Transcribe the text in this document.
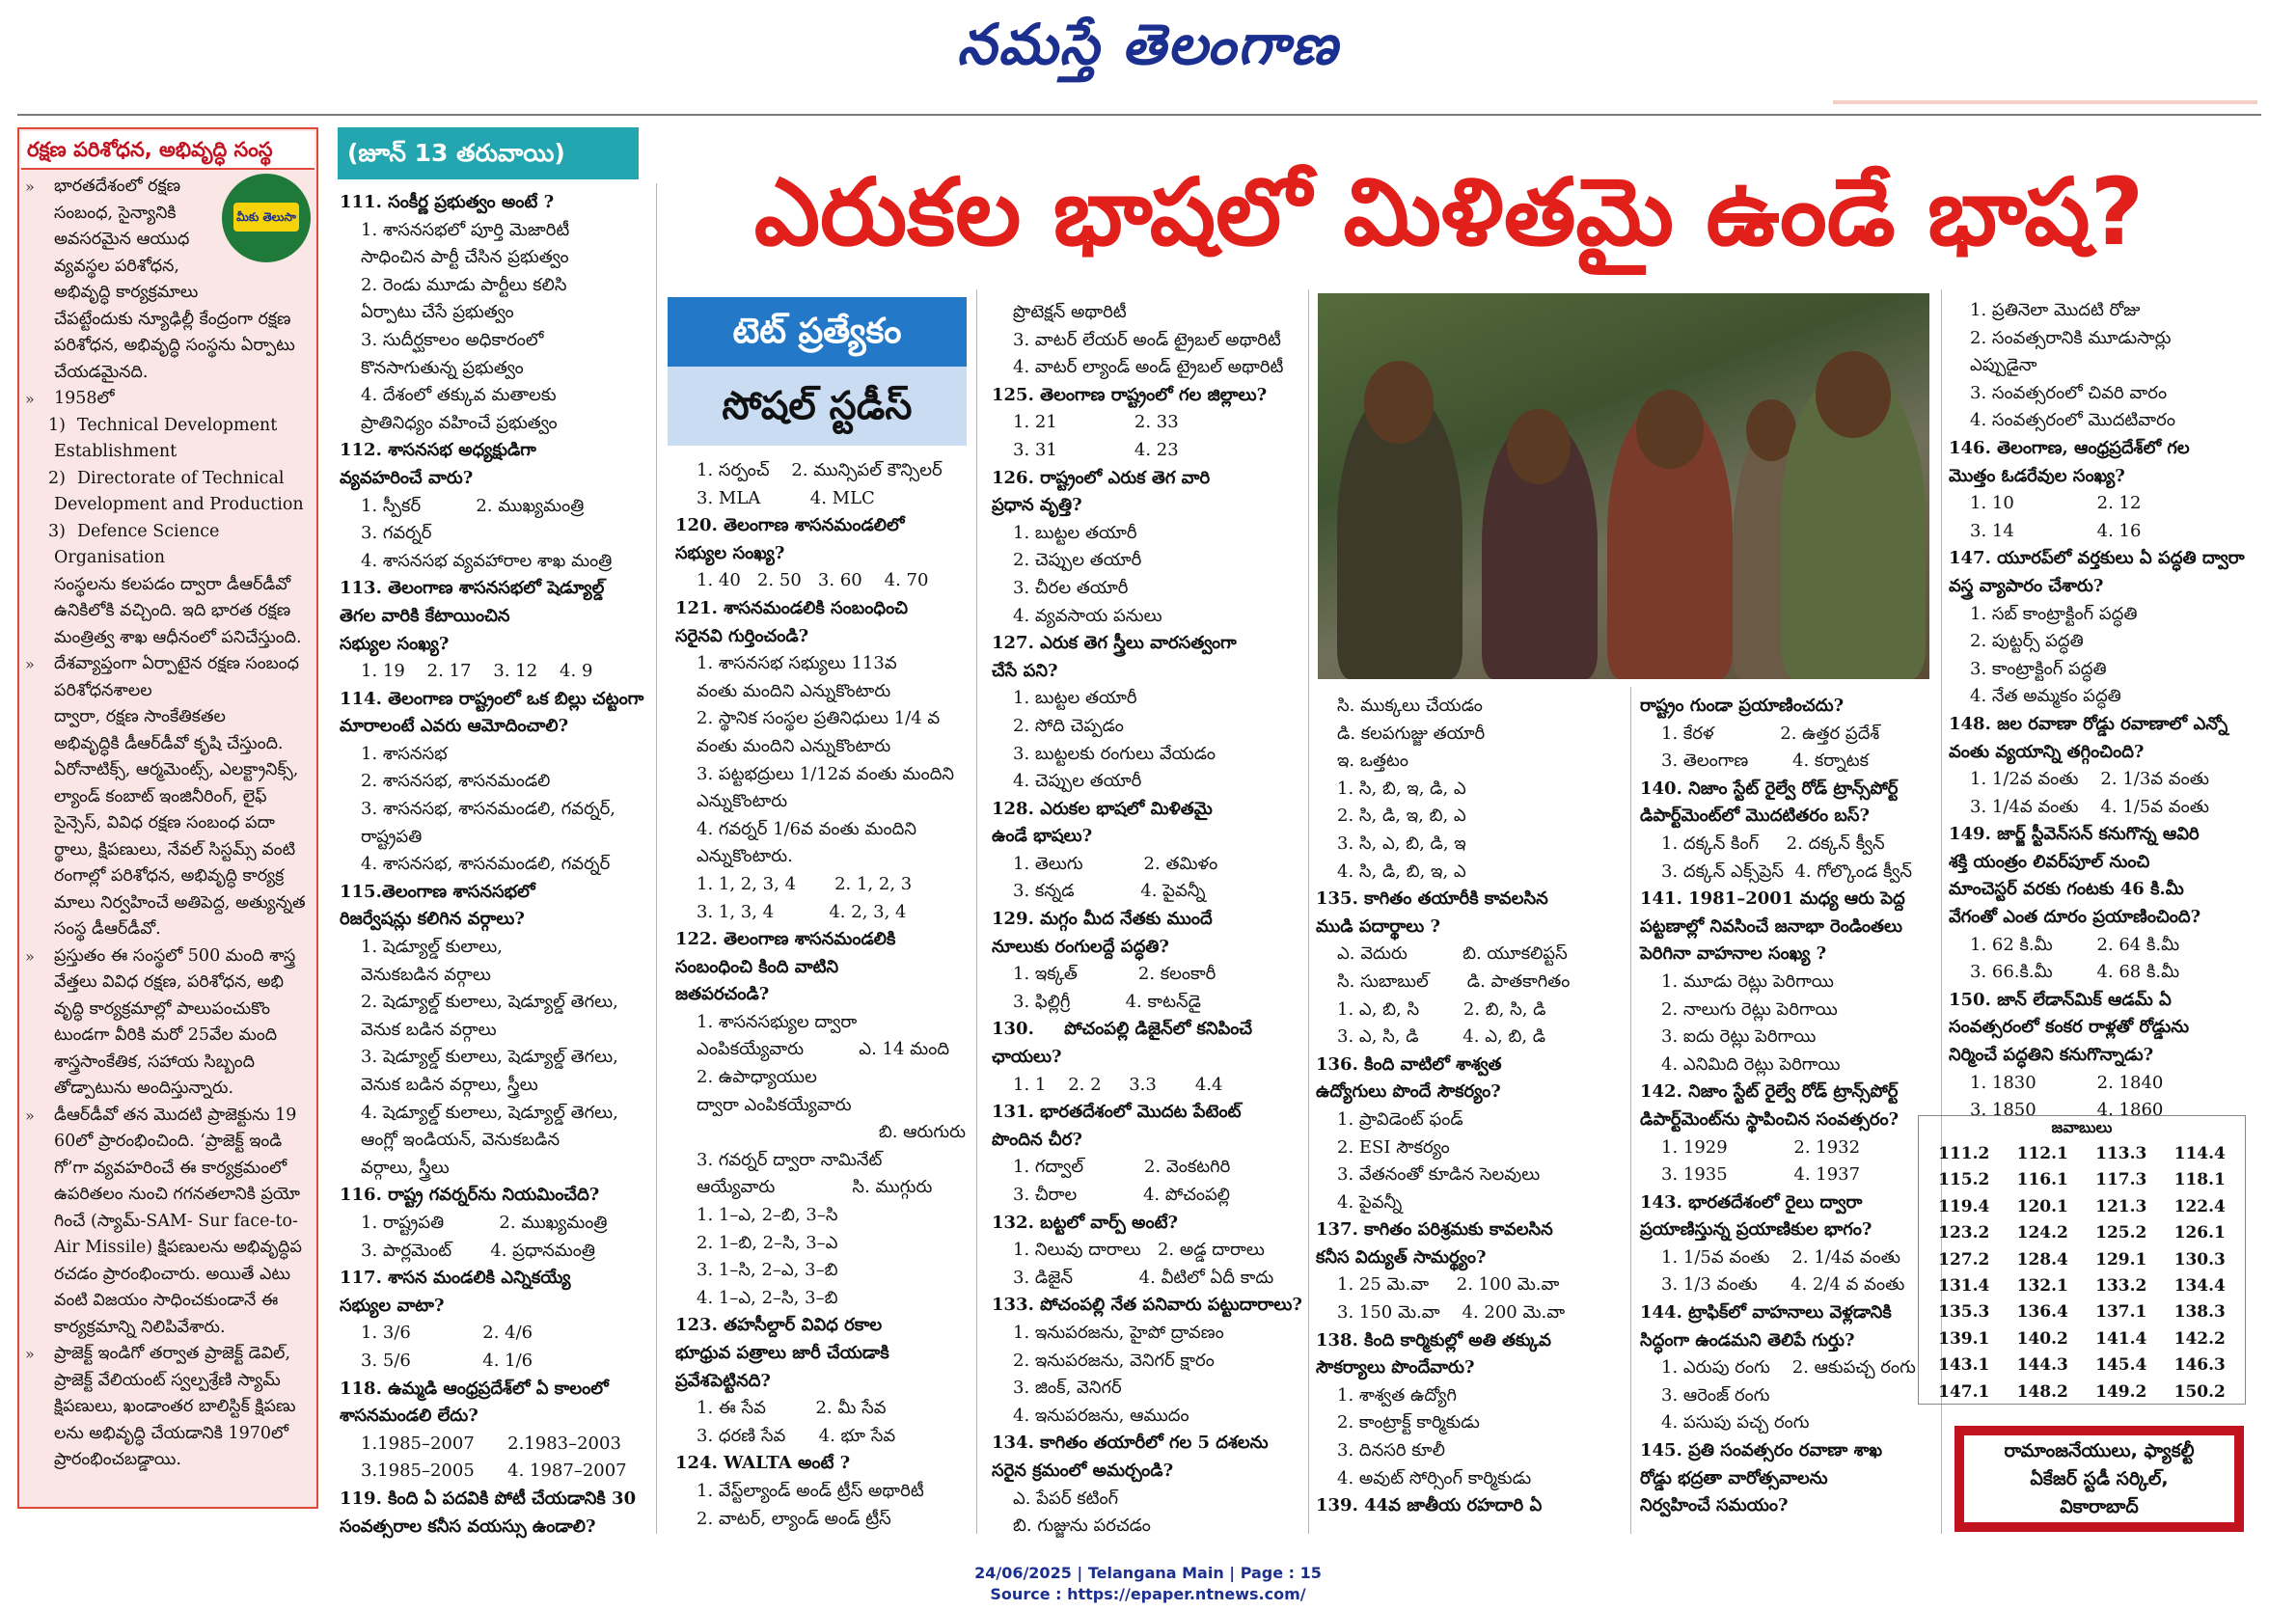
నమస్తే తెలంగాణ
రక్షణ పరిశోధన, అభివృద్ధి సంస్థ
మీకు తెలుసా
»	భారతదేశంలో రక్షణ
సంబంధ, సైన్యానికి
అవసరమైన ఆయుధ
వ్యవస్థల పరిశోధన,
అభివృద్ధి కార్యక్రమాలు
చేపట్టేందుకు న్యూఢిల్లీ కేంద్రంగా రక్షణ
పరిశోధన, అభివృద్ధి సంస్థను ఏర్పాటు
చేయడమైనది.
»	1958లో
1) Technical Development
Establishment
2) Directorate of Technical
Development and Production
3) Defence Science
Organisation
సంస్థలను కలపడం ద్వారా డీఆర్‌డీవో
ఉనికిలోకి వచ్చింది. ఇది భారత రక్షణ
మంత్రిత్వ శాఖ ఆధీనంలో పనిచేస్తుంది.
»	దేశవ్యాప్తంగా ఏర్పాటైన రక్షణ సంబంధ
పరిశోధనశాలల
ద్వారా, రక్షణ సాంకేతికతల
అభివృద్ధికి డీఆర్‌డీవో కృషి చేస్తుంది.
ఏరోనాటిక్స్, ఆర్మమెంట్స్, ఎలక్ట్రానిక్స్,
ల్యాండ్ కంబాట్ ఇంజినీరింగ్, లైఫ్
సైన్సెస్, వివిధ రక్షణ సంబంధ పదా
ర్థాలు, క్షిపణులు, నేవల్ సిస్టమ్స్ వంటి
రంగాల్లో పరిశోధన, అభివృద్ధి కార్యక్ర
మాలు నిర్వహించే అతిపెద్ద, అత్యున్నత
సంస్థ డీఆర్‌డీవో.
»	ప్రస్తుతం ఈ సంస్థలో 500 మంది శాస్త్ర
వేత్తలు వివిధ రక్షణ, పరిశోధన, అభి
వృద్ధి కార్యక్రమాల్లో పాలుపంచుకొం
టుండగా వీరికి మరో 25వేల మంది
శాస్త్రసాంకేతిక, సహాయ సిబ్బంది
తోడ్పాటును అందిస్తున్నారు.
»	డీఆర్‌డీవో తన మొదటి ప్రాజెక్టును 19
60లో ప్రారంభించింది. ‘ప్రాజెక్ట్ ఇండి
గో’గా వ్యవహరించే ఈ కార్యక్రమంలో
ఉపరితలం నుంచి గగనతలానికి ప్రయో
గించే (స్యామ్-SAM- Sur face-to-
Air Missile) క్షిపణులను అభివృద్ధిప
రచడం ప్రారంభించారు. అయితే ఎటు
వంటి విజయం సాధించకుండానే ఈ
కార్యక్రమాన్ని నిలిపివేశారు.
»	ప్రాజెక్ట్ ఇండిగో తర్వాత ప్రాజెక్ట్ డెవిల్,
ప్రాజెక్ట్ వేలియంట్ స్వల్పశ్రేణి స్యామ్
క్షిపణులు, ఖండాంతర బాలిస్టిక్ క్షిపణు
లను అభివృద్ధి చేయడానికి 1970లో
ప్రారంభించబడ్డాయి.
(జూన్ 13 తరువాయి)
ఎరుకల భాషలో మిళితమై ఉండే భాష?

111. సంకీర్ణ ప్రభుత్వం అంటే ?

1. శాసనసభలో పూర్తి మెజారిటీ

సాధించిన పార్టీ చేసిన ప్రభుత్వం

2. రెండు మూడు పార్టీలు కలిసి

ఏర్పాటు చేసే ప్రభుత్వం

3. సుదీర్ఘకాలం అధికారంలో

కొనసాగుతున్న ప్రభుత్వం

4. దేశంలో తక్కువ మతాలకు

ప్రాతినిధ్యం వహించే ప్రభుత్వం

112. శాసనసభ అధ్యక్షుడిగా

వ్యవహరించే వారు?

1. స్పీకర్          2. ముఖ్యమంత్రి

3. గవర్నర్

4. శాసనసభ వ్యవహారాల శాఖ మంత్రి

113. తెలంగాణ శాసనసభలో షెడ్యూల్డ్

తెగల వారికి కేటాయించిన

సభ్యుల సంఖ్య?

1. 19    2. 17    3. 12    4. 9

114. తెలంగాణ రాష్ట్రంలో ఒక బిల్లు చట్టంగా

మారాలంటే ఎవరు ఆమోదించాలి?

1. శాసనసభ

2. శాసనసభ, శాసనమండలి

3. శాసనసభ, శాసనమండలి, గవర్నర్,

రాష్ట్రపతి

4. శాసనసభ, శాసనమండలి, గవర్నర్

115.తెలంగాణ శాసనసభలో

రిజర్వేషన్లు కలిగిన వర్గాలు?

1. షెడ్యూల్డ్ కులాలు,

వెనుకబడిన వర్గాలు

2. షెడ్యూల్డ్ కులాలు, షెడ్యూల్డ్ తెగలు,

వెనుక బడిన వర్గాలు

3. షెడ్యూల్డ్ కులాలు, షెడ్యూల్డ్ తెగలు,

వెనుక బడిన వర్గాలు, స్త్రీలు

4. షెడ్యూల్డ్ కులాలు, షెడ్యూల్డ్ తెగలు,

ఆంగ్లో ఇండియన్, వెనుకబడిన

వర్గాలు, స్త్రీలు

116. రాష్ట్ర గవర్నర్‌ను నియమించేది?

1. రాష్ట్రపతి          2. ముఖ్యమంత్రి

3. పార్లమెంట్       4. ప్రధానమంత్రి

117. శాసన మండలికి ఎన్నికయ్యే

సభ్యుల వాటా?

1. 3/6             2. 4/6

3. 5/6             4. 1/6

118. ఉమ్మడి ఆంధ్రప్రదేశ్‌లో ఏ కాలంలో

శాసనమండలి లేదు?

1.1985–2007      2.1983–2003

3.1985–2005      4. 1987–2007

119. కింది ఏ పదవికి పోటీ చేయడానికి 30

సంవత్సరాల కనీస వయస్సు ఉండాలి?

టెట్ ప్రత్యేకం
సోషల్ స్టడీస్

1. సర్పంచ్    2. మున్సిపల్ కౌన్సిలర్

3. MLA         4. MLC

120. తెలంగాణ శాసనమండలిలో

సభ్యుల సంఖ్య?

1. 40   2. 50   3. 60    4. 70

121. శాసనమండలికి సంబంధించి

సరైనవి గుర్తించండి?

1. శాసనసభ సభ్యులు 113వ

వంతు మందిని ఎన్నుకొంటారు

2. స్థానిక సంస్థల ప్రతినిధులు 1/4 వ

వంతు మందిని ఎన్నుకొంటారు

3. పట్టభద్రులు 1/12వ వంతు మందిని

ఎన్నుకొంటారు

4. గవర్నర్ 1/6వ వంతు మందిని

ఎన్నుకొంటారు.

1. 1, 2, 3, 4       2. 1, 2, 3

3. 1, 3, 4          4. 2, 3, 4

122. తెలంగాణ శాసనమండలికి

సంబంధించి కింది వాటిని

జతపరచండి?

1. శాసనసభ్యుల ద్వారా

ఎంపికయ్యేవారు          ఎ. 14 మంది

2. ఉపాధ్యాయుల

ద్వారా ఎంపికయ్యేవారు

బి. ఆరుగురు

3. గవర్నర్ ద్వారా నామినేట్

ఆయ్యేవారు              సి. ముగ్గురు

1. 1–ఎ, 2–బి, 3–సి

2. 1–బి, 2–సి, 3–ఎ

3. 1–సి, 2–ఎ, 3–బి

4. 1–ఎ, 2–సి, 3–బి

123. తహసీల్దార్ వివిధ రకాల

భూధ్రువ పత్రాలు జారీ చేయడాకి

ప్రవేశపెట్టినది?

1. ఈ సేవ         2. మీ సేవ

3. ధరణి సేవ      4. భూ సేవ

124. WALTA అంటే ?

1. వేస్ట్‌ల్యాండ్ అండ్ ట్రీస్ అథారిటీ

2. వాటర్, ల్యాండ్ అండ్ ట్రీస్

ప్రొటెక్షన్ అథారిటీ

3. వాటర్ లేయర్ అండ్ ట్రైబల్ అథారిటీ

4. వాటర్ ల్యాండ్ అండ్ ట్రైబల్ అథారిటీ

125. తెలంగాణ రాష్ట్రంలో గల జిల్లాలు?

1. 21              2. 33

3. 31              4. 23

126. రాష్ట్రంలో ఎరుక తెగ వారి

ప్రధాన వృత్తి?

1. బుట్టల తయారీ

2. చెప్పుల తయారీ

3. చీరల తయారీ

4. వ్యవసాయ పనులు

127. ఎరుక తెగ స్త్రీలు వారసత్వంగా

చేసే పని?

1. బుట్టల తయారీ

2. సోది చెప్పడం

3. బుట్టలకు రంగులు వేయడం

4. చెప్పుల తయారీ

128. ఎరుకల భాషలో మిళితమై

ఉండే భాషలు?

1. తెలుగు           2. తమిళం

3. కన్నడ            4. పైవన్నీ

129. మగ్గం మీద నేతకు ముందే

నూలుకు రంగులద్దే పద్ధతి?

1. ఇక్కత్           2. కలంకారీ

3. ఫిల్లిగ్రీ          4. కాటన్‌డై

130.     పోచంపల్లి డిజైన్‌లో కనిపించే

ఛాయలు?

1. 1    2. 2     3.3       4.4

131. భారతదేశంలో మొదట పేటెంట్

పొందిన చీర?

1. గద్వాల్           2. వెంకటగిరి

3. చీరాల            4. పోచంపల్లి

132. బట్టలో వార్ప్ అంటే?

1. నిలువు దారాలు   2. అడ్డ దారాలు

3. డిజైన్            4. వీటిలో ఏదీ కాదు

133. పోచంపల్లి నేత పనివారు పట్టుదారాలు?

1. ఇనుపరజను, హైపో ద్రావణం

2. ఇనుపరజను, వెనిగర్ క్షారం

3. జింక్, వెనిగర్

4. ఇనుపరజను, ఆముదం

134. కాగితం తయారీలో గల 5 దశలను

సరైన క్రమంలో అమర్చండి?

ఎ. పేపర్ కటింగ్

బి. గుజ్జును పరచడం

సి. ముక్కలు చేయడం

డి. కలపగుజ్జు తయారీ

ఇ. ఒత్తటం

1. సి, బి, ఇ, డి, ఎ

2. సి, డి, ఇ, బి, ఎ

3. సి, ఎ, బి, డి, ఇ

4. సి, డి, బి, ఇ, ఎ

135. కాగితం తయారీకి కావలసిన

ముడి పదార్థాలు ?

ఎ. వెదురు          బి. యూకలిప్టస్

సి. సుబాబుల్       డి. పాతకాగితం

1. ఎ, బి, సి        2. బి, సి, డి

3. ఎ, సి, డి        4. ఎ, బి, డి

136. కింది వాటిలో శాశ్వత

ఉద్యోగులు పొందే సౌకర్యం?

1. ప్రావిడెంట్ ఫండ్

2. ESI సౌకర్యం

3. వేతనంతో కూడిన సెలవులు

4. పైవన్నీ

137. కాగితం పరిశ్రమకు కావలసిన

కనీస విద్యుత్ సామర్థ్యం?

1. 25 మె.వా     2. 100 మె.వా

3. 150 మె.వా    4. 200 మె.వా

138. కింది కార్మికుల్లో అతి తక్కువ

సౌకర్యాలు పొందేవారు?

1. శాశ్వత ఉద్యోగి

2. కాంట్రాక్ట్ కార్మికుడు

3. దినసరి కూలీ

4. అవుట్ సోర్సింగ్ కార్మికుడు

139. 44వ జాతీయ రహదారి ఏ

రాష్ట్రం గుండా ప్రయాణించదు?

1. కేరళ            2. ఉత్తర ప్రదేశ్

3. తెలంగాణ        4. కర్నాటక

140. నిజాం స్టేట్ రైల్వే రోడ్ ట్రాన్స్‌పోర్ట్

డిపార్ట్‌మెంట్‌లో మొదటితరం బస్?

1. దక్కన్ కింగ్     2. దక్కన్ క్వీన్

3. దక్కన్ ఎక్స్‌ప్రెస్  4. గోల్కొండ క్వీన్

141. 1981–2001 మధ్య ఆరు పెద్ద

పట్టణాల్లో నివసించే జనాభా రెండింతలు

పెరిగినా వాహనాల సంఖ్య ?

1. మూడు రెట్లు పెరిగాయి

2. నాలుగు రెట్లు పెరిగాయి

3. ఐదు రెట్లు పెరిగాయి

4. ఎనిమిది రెట్లు పెరిగాయి

142. నిజాం స్టేట్ రైల్వే రోడ్ ట్రాన్స్‌పోర్ట్

డిపార్ట్‌మెంట్‌ను స్థాపించిన సంవత్సరం?

1. 1929            2. 1932

3. 1935            4. 1937

143. భారతదేశంలో రైలు ద్వారా

ప్రయాణిస్తున్న ప్రయాణికుల భాగం?

1. 1/5వ వంతు    2. 1/4వ వంతు

3. 1/3 వంతు      4. 2/4 వ వంతు

144. ట్రాఫిక్‌లో వాహనాలు వెళ్లడానికి

సిద్ధంగా ఉండమని తెలిపే గుర్తు?

1. ఎరుపు రంగు    2. ఆకుపచ్చ రంగు

3. ఆరెంజ్ రంగు

4. పసుపు పచ్చ రంగు

145. ప్రతి సంవత్సరం రవాణా శాఖ

రోడ్డు భద్రతా వారోత్సవాలను

నిర్వహించే సమయం?

1. ప్రతినెలా మొదటి రోజు

2. సంవత్సరానికి మూడుసార్లు

ఎప్పుడైనా

3. సంవత్సరంలో చివరి వారం

4. సంవత్సరంలో మొదటివారం

146. తెలంగాణ, ఆంధ్రప్రదేశ్‌లో గల

మొత్తం ఓడరేవుల సంఖ్య?

1. 10               2. 12

3. 14               4. 16

147. యూరప్‌లో వర్తకులు ఏ పద్ధతి ద్వారా

వస్త్ర వ్యాపారం చేశారు?

1. సబ్ కాంట్రాక్టింగ్ పద్ధతి

2. పుట్టర్స్ పద్ధతి

3. కాంట్రాక్టింగ్ పద్ధతి

4. నేత అమ్మకం పద్ధతి

148. జల రవాణా రోడ్డు రవాణాలో ఎన్నో

వంతు వ్యయాన్ని తగ్గించింది?

1. 1/2వ వంతు    2. 1/3వ వంతు

3. 1/4వ వంతు    4. 1/5వ వంతు

149. జార్జ్ స్టీవెన్‌సన్ కనుగొన్న ఆవిరి

శక్తి యంత్రం లివర్‌పూల్ నుంచి

మాంచెస్టర్ వరకు గంటకు 46 కి.మీ

వేగంతో ఎంత దూరం ప్రయాణించింది?

1. 62 కి.మీ        2. 64 కి.మీ

3. 66.కి.మీ        4. 68 కి.మీ

150. జాన్ లేడాన్‌మిక్ ఆడమ్ ఏ

సంవత్సరంలో కంకర రాళ్లతో రోడ్డును

నిర్మించే పద్ధతిని కనుగొన్నాడు?

1. 1830           2. 1840

3. 1850           4. 1860

జవాబులు
111.2	112.1	113.3	114.4
115.2	116.1	117.3	118.1
119.4	120.1	121.3	122.4
123.2	124.2	125.2	126.1
127.2	128.4	129.1	130.3
131.4	132.1	133.2	134.4
135.3	136.4	137.1	138.3
139.1	140.2	141.4	142.2
143.1	144.3	145.4	146.3
147.1	148.2	149.2	150.2
రామాంజనేయులు, ఫ్యాకల్టీ
ఏకేజర్ స్టడీ సర్కిల్,
వికారాబాద్
24/06/2025 | Telangana Main | Page : 15
Source : https://epaper.ntnews.com/
